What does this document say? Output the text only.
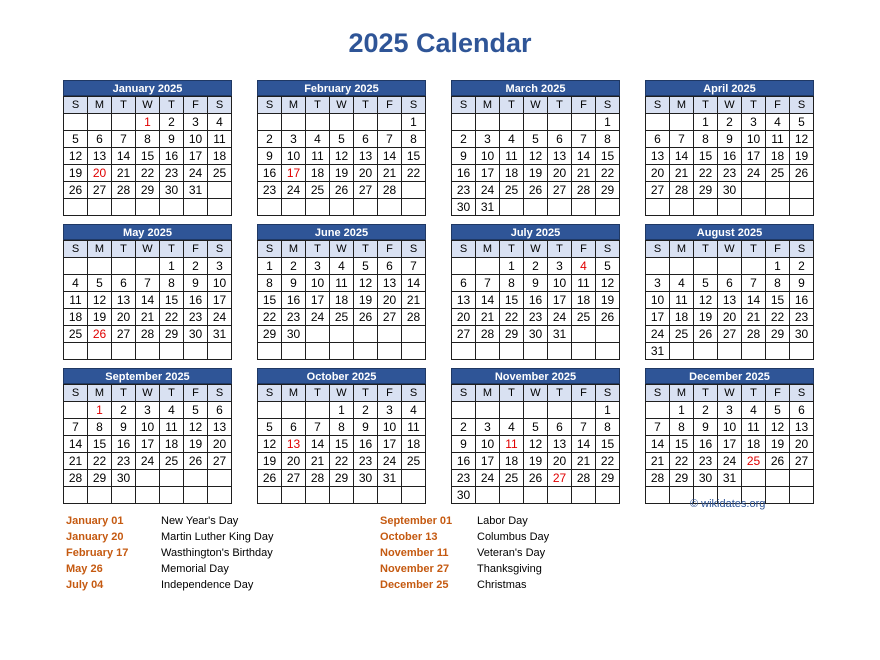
2025 Calendar
January 2025
S	M	T	W	T	F	S
			1	2	3	4
5	6	7	8	9	10	11
12	13	14	15	16	17	18
19	20	21	22	23	24	25
26	27	28	29	30	31	

February 2025
S	M	T	W	T	F	S
						1
2	3	4	5	6	7	8
9	10	11	12	13	14	15
16	17	18	19	20	21	22
23	24	25	26	27	28	

March 2025
S	M	T	W	T	F	S
						1
2	3	4	5	6	7	8
9	10	11	12	13	14	15
16	17	18	19	20	21	22
23	24	25	26	27	28	29
30	31					
April 2025
S	M	T	W	T	F	S
		1	2	3	4	5
6	7	8	9	10	11	12
13	14	15	16	17	18	19
20	21	22	23	24	25	26
27	28	29	30			

May 2025
S	M	T	W	T	F	S
				1	2	3
4	5	6	7	8	9	10
11	12	13	14	15	16	17
18	19	20	21	22	23	24
25	26	27	28	29	30	31

June 2025
S	M	T	W	T	F	S
1	2	3	4	5	6	7
8	9	10	11	12	13	14
15	16	17	18	19	20	21
22	23	24	25	26	27	28
29	30					

July 2025
S	M	T	W	T	F	S
		1	2	3	4	5
6	7	8	9	10	11	12
13	14	15	16	17	18	19
20	21	22	23	24	25	26
27	28	29	30	31		

August 2025
S	M	T	W	T	F	S
					1	2
3	4	5	6	7	8	9
10	11	12	13	14	15	16
17	18	19	20	21	22	23
24	25	26	27	28	29	30
31						
September 2025
S	M	T	W	T	F	S
	1	2	3	4	5	6
7	8	9	10	11	12	13
14	15	16	17	18	19	20
21	22	23	24	25	26	27
28	29	30				

October 2025
S	M	T	W	T	F	S
			1	2	3	4
5	6	7	8	9	10	11
12	13	14	15	16	17	18
19	20	21	22	23	24	25
26	27	28	29	30	31	

November 2025
S	M	T	W	T	F	S
						1
2	3	4	5	6	7	8
9	10	11	12	13	14	15
16	17	18	19	20	21	22
23	24	25	26	27	28	29
30						
December 2025
S	M	T	W	T	F	S
	1	2	3	4	5	6
7	8	9	10	11	12	13
14	15	16	17	18	19	20
21	22	23	24	25	26	27
28	29	30	31			

January 01	New Year's Day
January 20	Martin Luther King Day
February 17	Wasthington's Birthday
May 26	Memorial Day
July 04	Independence Day
September 01 Labor Day
October 13	Columbus Day
November 11	Veteran's Day
November 27	Thanksgiving
December 25	Christmas
© wikidates.org
